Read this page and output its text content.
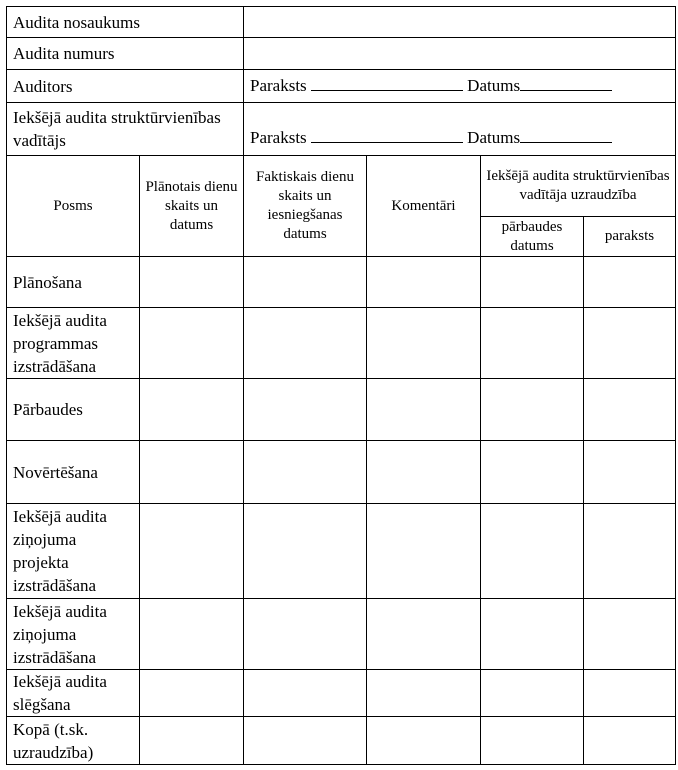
Audita nosaukums					
Audita numurs					
Auditors		Paraksts Datums			
Iekšējā audita struktūrvienības vadītājs		Paraksts Datums			
Posms	Plānotais dienu skaits un datums	Faktiskais dienu skaits un iesniegšanas datums	Komentāri	Iekšējā audita struktūrvienības vadītāja uzraudzība	
				pārbaudes datums	paraksts
Plānošana					
Iekšējā audita programmas izstrādāšana					
Pārbaudes					
Novērtēšana					
Iekšējā audita ziņojuma projekta izstrādāšana					
Iekšējā audita ziņojuma izstrādāšana					
Iekšējā audita slēgšana					
Kopā (t.sk. uzraudzība)					
